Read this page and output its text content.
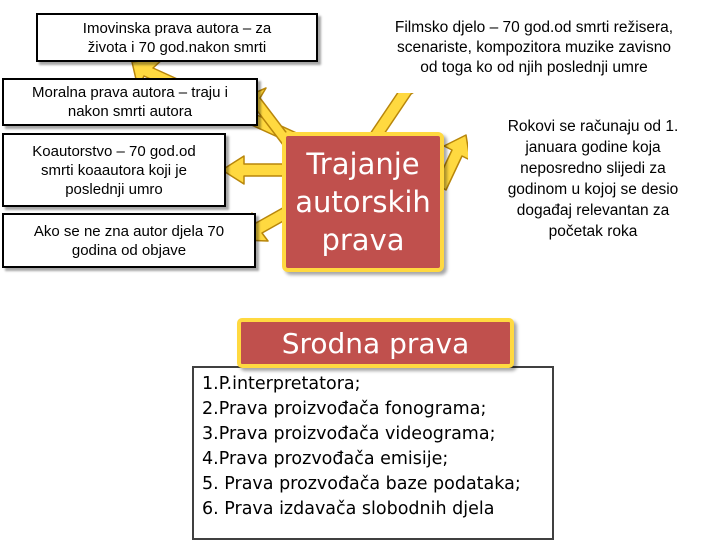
Imovinska prava autora – za
života i 70 god.nakon smrti
Moralna prava autora – traju i
nakon smrti autora
Koautorstvo – 70 god.od
smrti koaautora koji je
poslednji umro
Ako se ne zna autor djela 70
godina od objave
Filmsko djelo – 70 god.od smrti režisera,
scenariste, kompozitora muzike zavisno
od toga ko od njih poslednji umre
Rokovi se računaju od 1.
januara godine koja
neposredno slijedi za
godinom u kojoj se desio
događaj relevantan za
početak roka
Trajanje
autorskih
prava
1.P.interpretatora;
2.Prava proizvođača fonograma;
3.Prava proizvođača videograma;
4.Prava prozvođača emisije;
5. Prava prozvođača baze podataka;
6. Prava izdavača slobodnih djela
Srodna prava
